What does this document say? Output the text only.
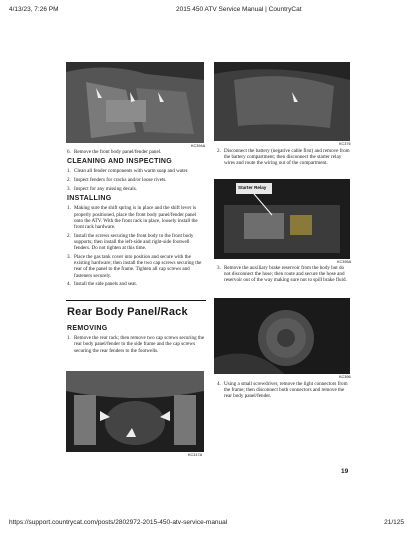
4/13/23, 7:26 PM	2015 450 ATV Service Manual | CountryCat
KC394A
6. Remove the front body panel/fender panel.
CLEANING AND INSPECTING
1. Clean all fender components with warm soap and water.
2. Inspect fenders for cracks and/or loose rivets.
3. Inspect for any missing decals.
INSTALLING
1. Making sure the shift spring is in place and the shift lever is properly positioned, place the front body panel/fender panel onto the ATV. With the front rack in place, loosely install the front rack hardware.
2. Install the screws securing the front body to the front body supports; then install the left-side and right-side footwell fenders. Do not tighten at this time.
3. Place the gas tank cover into position and secure with the existing hardware; then install the two cap screws securing the rear of the panel to the frame. Tighten all cap screws and fasteners securely.
4. Install the side panels and seat.
Rear Body Panel/Rack
REMOVING
1. Remove the rear rack; then remove two cap screws securing the rear body panel/fender to the side frame and the cap screws securing the rear fenders to the footwells.
KC317A
KC376
2. Disconnect the battery (negative cable first) and remove from the battery compartment; then disconnect the starter relay wires and route the wiring out of the compartment.
Starter Relay
KC395A
3. Remove the auxiliary brake reservoir from the body but do not disconnect the hose; then route and secure the hose and reservoir out of the way making sure not to spill brake fluid.
KC396
4. Using a small screwdriver, remove the light connectors from the frame; then disconnect both connectors and remove the rear body panel/fender.
19
https://support.countrycat.com/posts/2802972-2015-450-atv-service-manual	21/125
